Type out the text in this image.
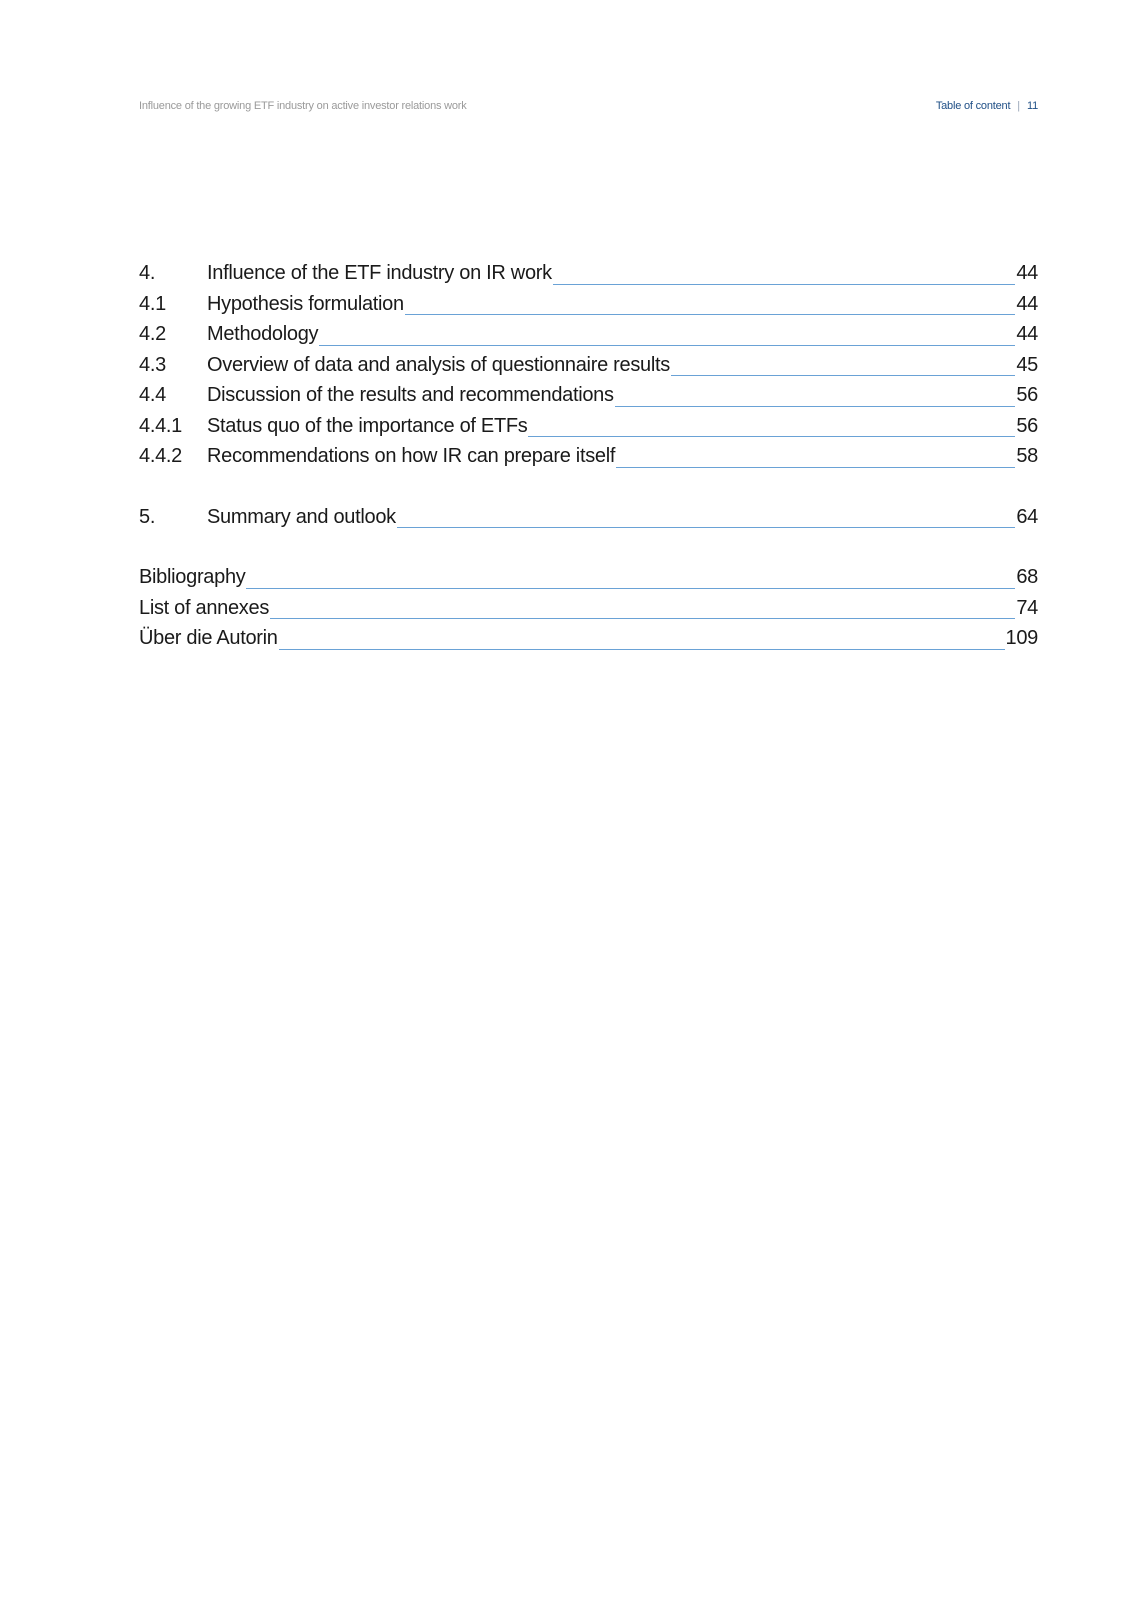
Influence of the growing ETF industry on active investor relations work	Table of content | 11
4.	Influence of the ETF industry on IR work	44
4.1	Hypothesis formulation	44
4.2	Methodology	44
4.3	Overview of data and analysis of questionnaire results	45
4.4	Discussion of the results and recommendations	56
4.4.1	Status quo of the importance of ETFs	56
4.4.2	Recommendations on how IR can prepare itself	58
5.	Summary and outlook	64
Bibliography	68
List of annexes	74
Über die Autorin	109
